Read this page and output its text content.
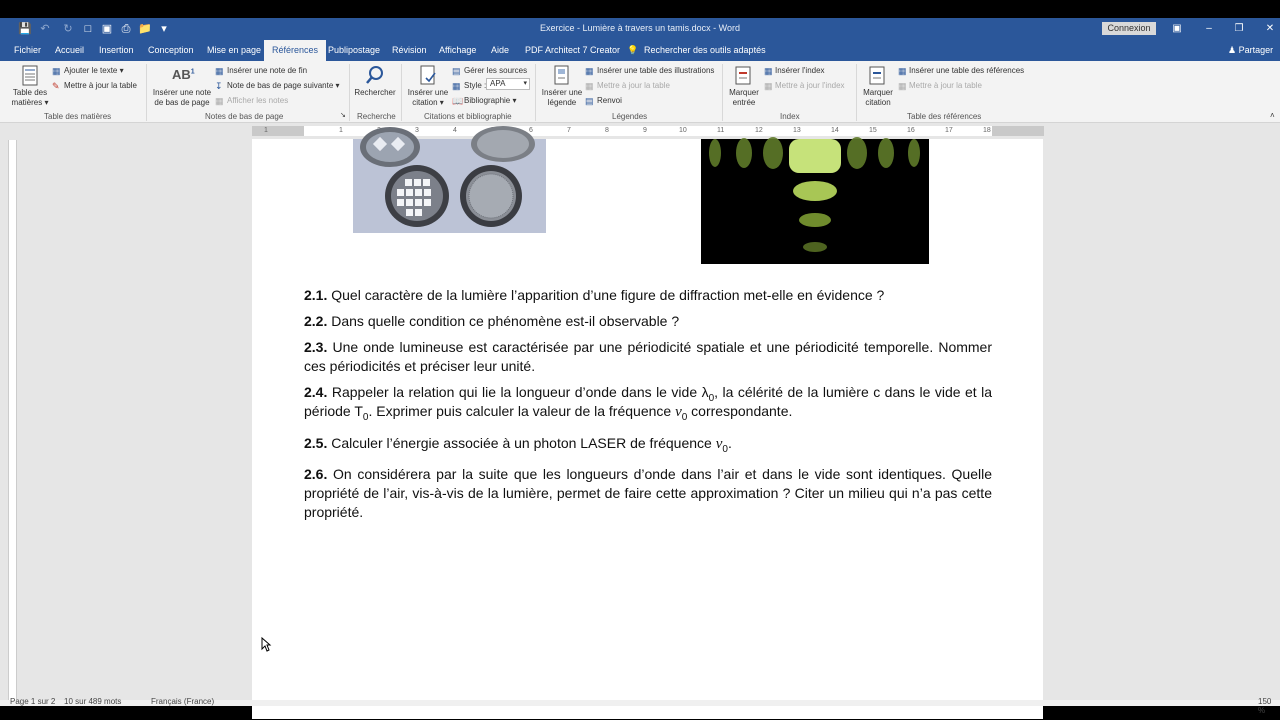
💾 ↶ ↻	□ ▣ ⎙ 📁 ▾	Exercice - Lumière à travers un tamis.docx - Word	Connexion	▣	–	❐	✕
Fichier Accueil Insertion Conception Mise en page	Références	Publipostage Révision Affichage Aide PDF Architect 7 Creator 💡 Rechercher des outils adaptés	♟ Partager
Table des
matières ▾
▦ Ajouter le texte ▾
✎ Mettre à jour la table
Table des matières
$AB^1$
Insérer une note
de bas de page
▦ Insérer une note de fin
↧ Note de bas de page suivante ▾
▦ Afficher les notes
Notes de bas de page	↘
Rechercher
Recherche
Insérer une
citation ▾
▤ Gérer les sources
▦ Style : APA	▾
📖 Bibliographie ▾
Citations et bibliographie
Insérer une
légende
▦ Insérer une table des illustrations
▦ Mettre à jour la table
▤ Renvoi
Légendes
Marquer
entrée
▦ Insérer l'index
▦ Mettre à jour l'index
Index
Marquer
citation
▦ Insérer une table des références
▦ Mettre à jour la table
Table des références	˄
1	1	3	4	6	7	8	9	10	11	12	13	14	15	16	17	18

2.1. Quel caractère de la lumière l’apparition d’une figure de diffraction met-elle en évidence ?

2.2. Dans quelle condition ce phénomène est-il observable ?

2.3. Une onde lumineuse est caractérisée par une périodicité spatiale et une périodicité temporelle. Nommer ces périodicités et préciser leur unité.

2.4. Rappeler la relation qui lie la longueur d’onde dans le vide $\lambda_0$, la célérité de la lumière c dans le vide et la période $T_0$. Exprimer puis calculer la valeur de la fréquence $\nu_0$ correspondante.

2.5. Calculer l’énergie associée à un photon LASER de fréquence $\nu_0$.

2.6. On considérera par la suite que les longueurs d’onde dans l’air et dans le vide sont identiques. Quelle propriété de l’air, vis-à-vis de la lumière, permet de faire cette approximation ? Citer un milieu qui n’a pas cette propriété.

Page 1 sur 2 10 sur 489 mots	Français (France)	150 %
